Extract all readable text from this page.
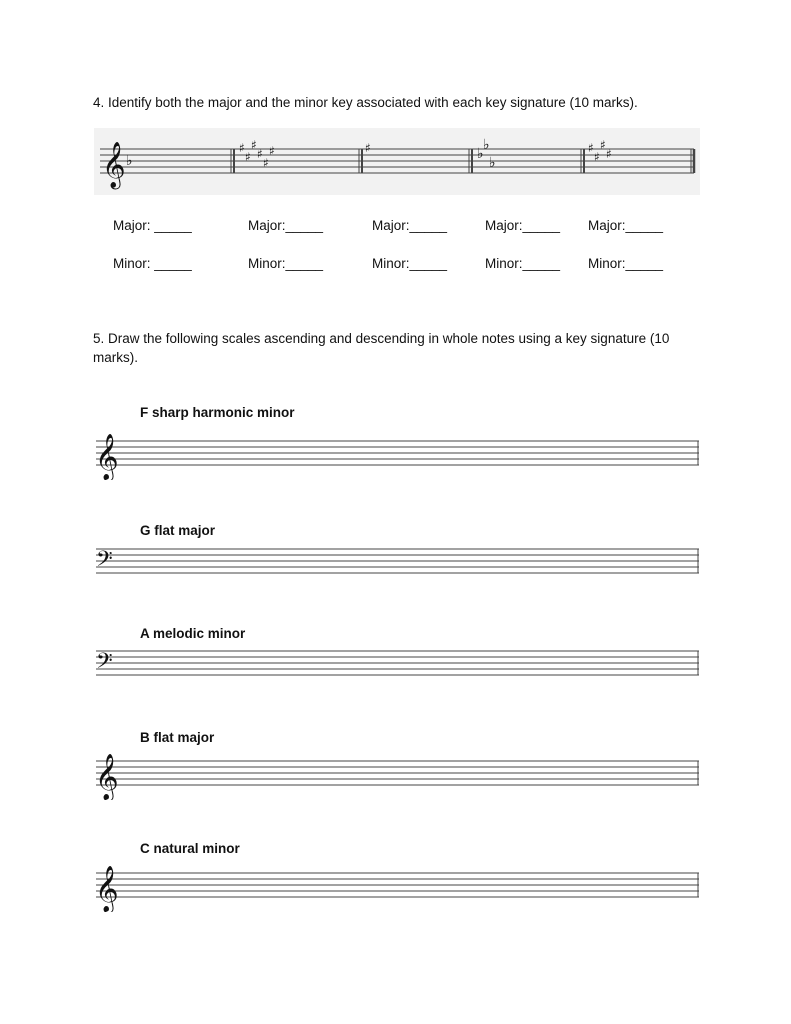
4. Identify both the major and the minor key associated with each key signature (10 marks).
𝄞 ♭
♯
♯
♯
♯
♯
♯	♯	♭
♭
♭
♯
♯
♯
♯
Major: _____	Major:_____	Major:_____	Major:_____ Major:_____
Minor: _____	Minor:_____	Minor:_____	Minor:_____ Minor:_____
5. Draw the following scales ascending and descending in whole notes using a key signature (10 marks).
F sharp harmonic minor
𝄞
G flat major
𝄢
A melodic minor
𝄢
B flat major
𝄞
C natural minor
𝄞
